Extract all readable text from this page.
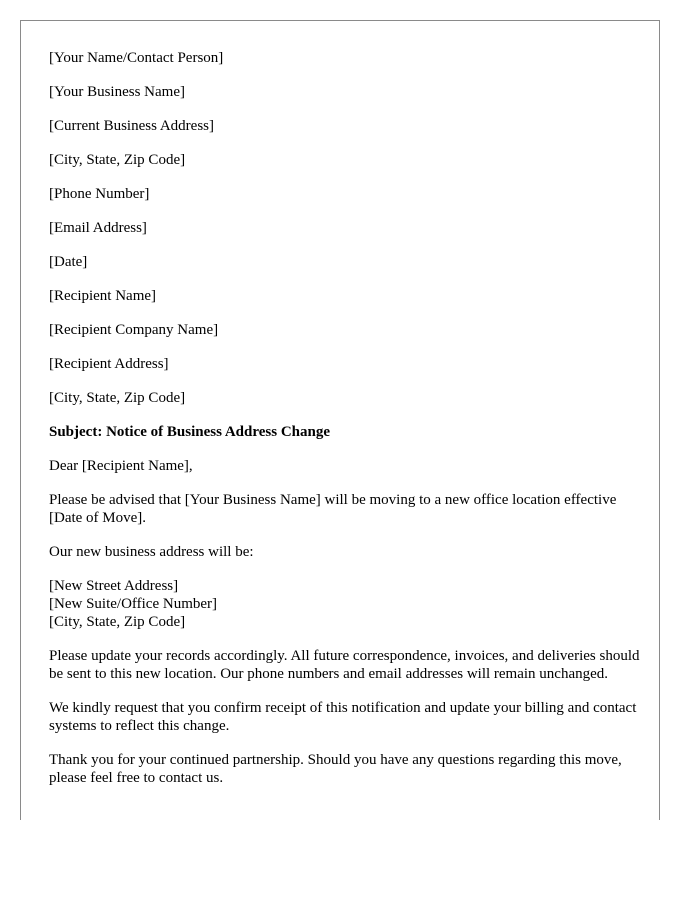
[Your Name/Contact Person]

[Your Business Name]

[Current Business Address]

[City, State, Zip Code]

[Phone Number]

[Email Address]

[Date]

[Recipient Name]

[Recipient Company Name]

[Recipient Address]

[City, State, Zip Code]

Subject: Notice of Business Address Change

Dear [Recipient Name],

Please be advised that [Your Business Name] will be moving to a new office location effective [Date of Move].

Our new business address will be:

[New Street Address]
[New Suite/Office Number]
[City, State, Zip Code]

Please update your records accordingly. All future correspondence, invoices, and deliveries should be sent to this new location. Our phone numbers and email addresses will remain unchanged.

We kindly request that you confirm receipt of this notification and update your billing and contact systems to reflect this change.

Thank you for your continued partnership. Should you have any questions regarding this move, please feel free to contact us.
